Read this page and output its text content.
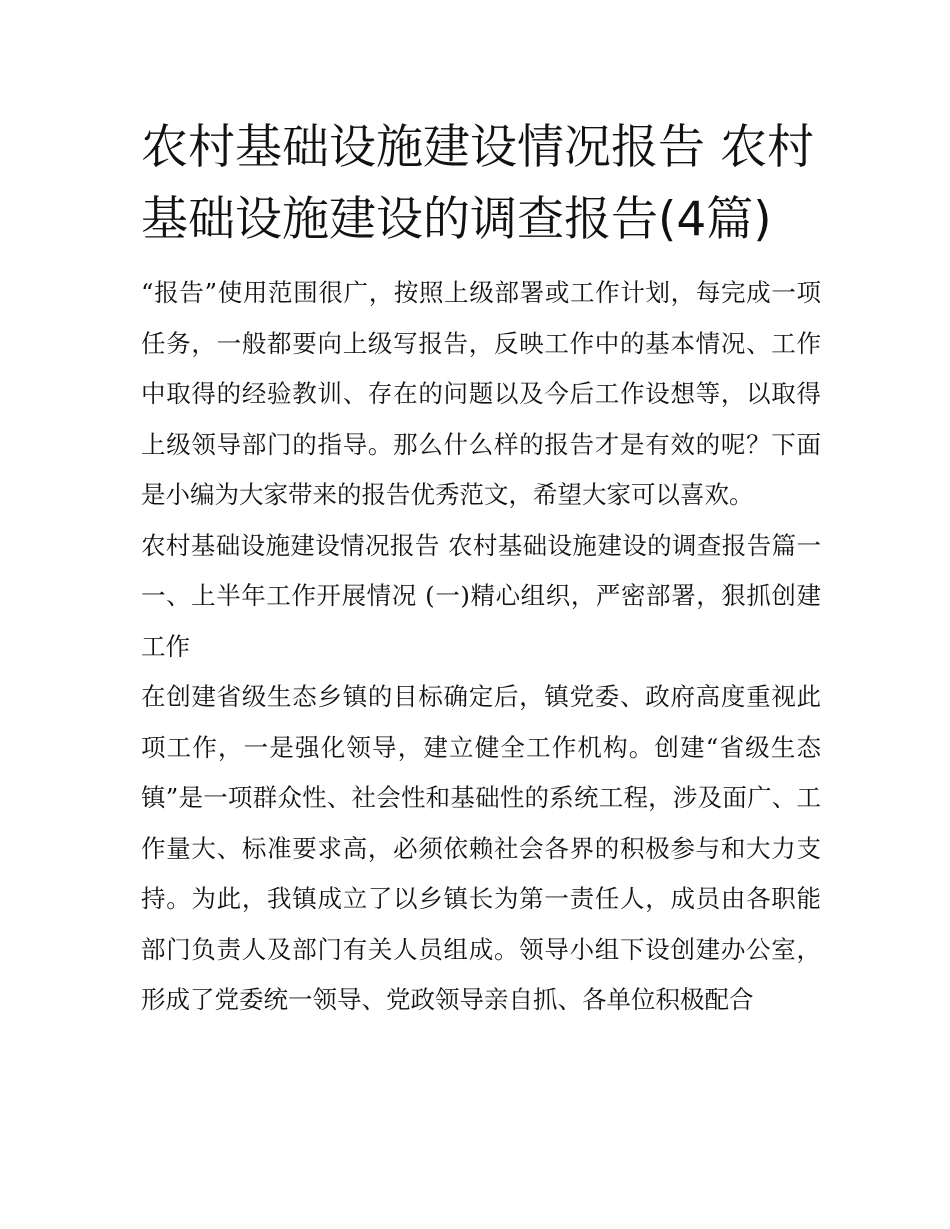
农村基础设施建设情况报告 农村基础设施建设的调查报告(4篇)

“报告”使用范围很广，按照上级部署或工作计划，每完成一项任务，一般都要向上级写报告，反映工作中的基本情况、工作中取得的经验教训、存在的问题以及今后工作设想等，以取得上级领导部门的指导。那么什么样的报告才是有效的呢？下面是小编为大家带来的报告优秀范文，希望大家可以喜欢。

农村基础设施建设情况报告 农村基础设施建设的调查报告篇一 一、上半年工作开展情况 (一)精心组织，严密部署，狠抓创建工作

在创建省级生态乡镇的目标确定后，镇党委、政府高度重视此项工作，一是强化领导，建立健全工作机构。创建“省级生态镇”是一项群众性、社会性和基础性的系统工程，涉及面广、工作量大、标准要求高，必须依赖社会各界的积极参与和大力支持。为此，我镇成立了以乡镇长为第一责任人，成员由各职能部门负责人及部门有关人员组成。领导小组下设创建办公室，形成了党委统一领导、党政领导亲自抓、各单位积极配合
